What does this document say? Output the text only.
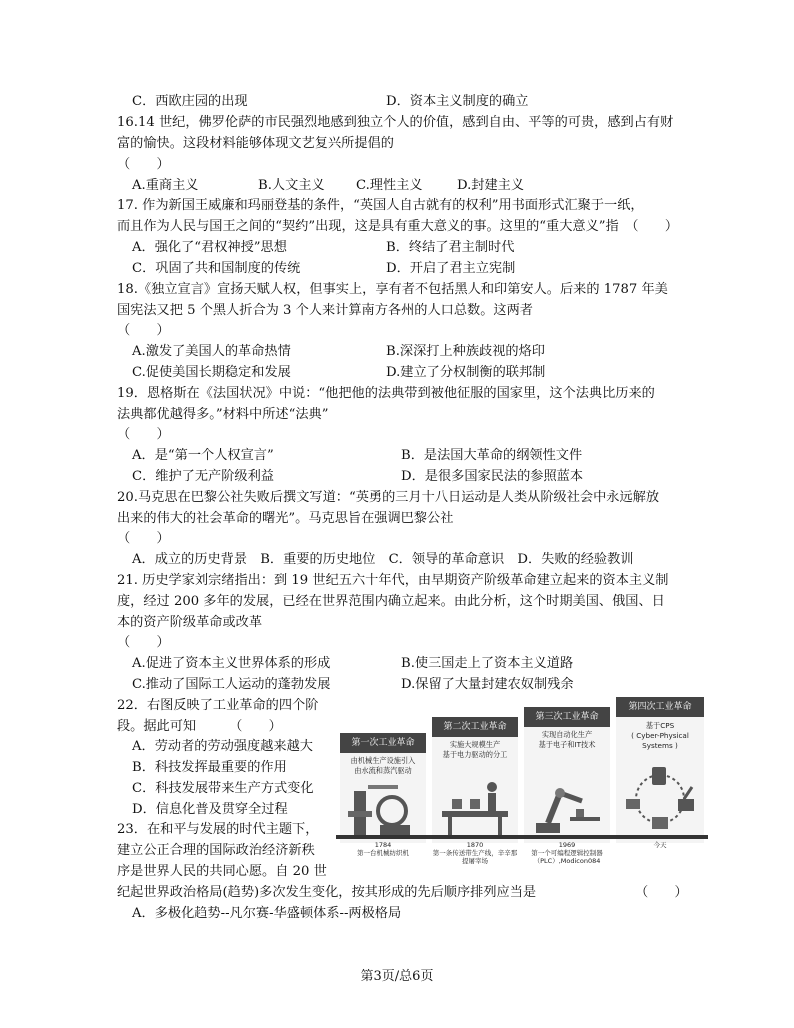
C．西欧庄园的出现	D．资本主义制度的确立
16.14 世纪，佛罗伦萨的市民强烈地感到独立个人的价值，感到自由、平等的可贵，感到占有财
富的愉快。这段材料能够体现文艺复兴所提倡的
（　　）
A.重商主义	B.人文主义 C.理性主义	D.封建主义
17. 作为新国王威廉和玛丽登基的条件，“英国人自古就有的权利”用书面形式汇聚于一纸，
而且作为人民与国王之间的“契约”出现，这是具有重大意义的事。这里的“重大意义”指　（　　）
A．强化了“君权神授”思想	B．终结了君主制时代
C．巩固了共和国制度的传统	D．开启了君主立宪制
18.《独立宣言》宣扬天赋人权，但事实上，享有者不包括黑人和印第安人。后来的 1787 年美
国宪法又把 5 个黑人折合为 3 个人来计算南方各州的人口总数。这两者
（　　）
A.激发了美国人的革命热情	B.深深打上种族歧视的烙印
C.促使美国长期稳定和发展	D.建立了分权制衡的联邦制
19．恩格斯在《法国状况》中说：“他把他的法典带到被他征服的国家里，这个法典比历来的
法典都优越得多。”材料中所述“法典”
（　　）
A．是“第一个人权宣言”	B．是法国大革命的纲领性文件
C．维护了无产阶级利益	D．是很多国家民法的参照蓝本
20.马克思在巴黎公社失败后撰文写道：“英勇的三月十八日运动是人类从阶级社会中永远解放
出来的伟大的社会革命的曙光”。马克思旨在强调巴黎公社
（　　）
A．成立的历史背景　B．重要的历史地位　C．领导的革命意识　D．失败的经验教训
21. 历史学家刘宗绪指出：到 19 世纪五六十年代，由早期资产阶级革命建立起来的资本主义制
度，经过 200 多年的发展，已经在世界范围内确立起来。由此分析，这个时期美国、俄国、日
本的资产阶级革命或改革
（　　）
A.促进了资本主义世界体系的形成	B.使三国走上了资本主义道路
C.推动了国际工人运动的蓬勃发展	D.保留了大量封建农奴制残余
22．右图反映了工业革命的四个阶
段。据此可知　　　（　　）
A．劳动者的劳动强度越来越大
B．科技发挥最重要的作用
C．科技发展带来生产方式变化
D．信息化普及贯穿全过程
23．在和平与发展的时代主题下，
建立公正合理的国际政治经济新秩
序是世界人民的共同心愿。自 20 世
纪起世界政治格局(趋势)多次发生变化，按其形成的先后顺序排列应当是　　　　　　　　（　　）
A．多极化趋势--凡尔赛-华盛顿体系--两极格局
第一次工业革命
由机械生产设施引入
由水流和蒸汽驱动
第二次工业革命
实施大规模生产
基于电力驱动的分工
第三次工业革命
实现自动化生产
基于电子和IT技术
第四次工业革命
基于CPS
( Cyber-Physical Systems )
1784
第一台机械纺织机
1870
第一条传送带生产线，辛辛那提屠宰场
1969
第一个可编程逻辑控制器（PLC）,Modicon084
今天
第3页/总6页
